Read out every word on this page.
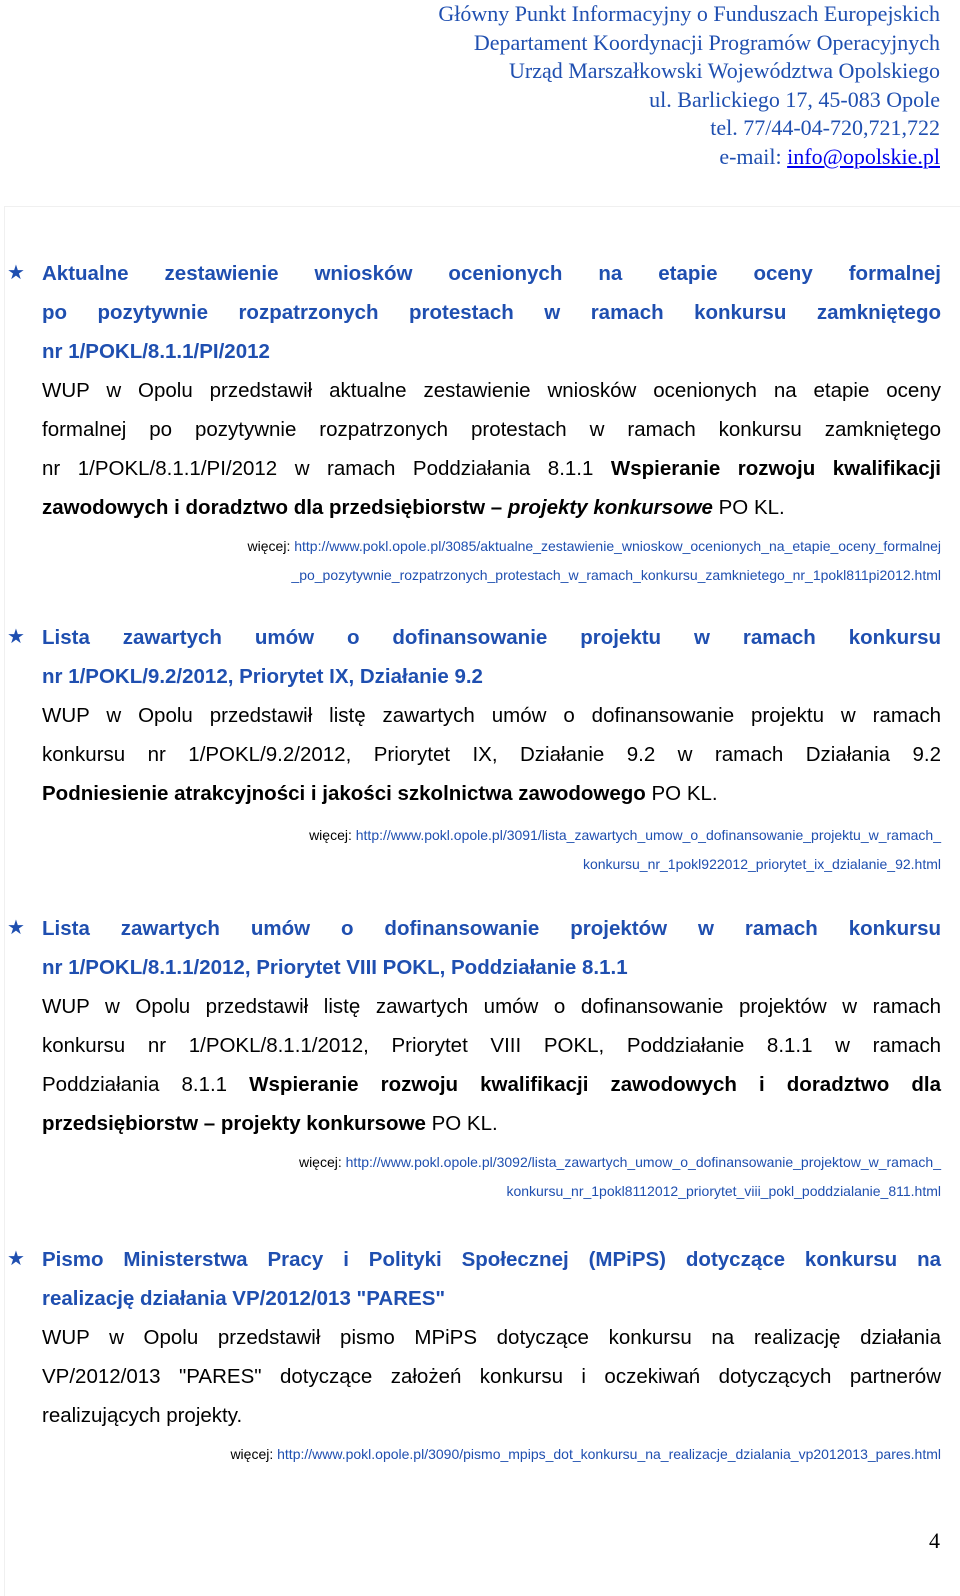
Główny Punkt Informacyjny o Funduszach Europejskich
Departament Koordynacji Programów Operacyjnych
Urząd Marszałkowski Województwa Opolskiego
ul. Barlickiego 17, 45-083 Opole
tel. 77/44-04-720,721,722
e-mail: info@opolskie.pl
★ Aktualne zestawienie wniosków ocenionych na etapie oceny formalnej
po pozytywnie rozpatrzonych protestach w ramach konkursu zamkniętego
nr 1/POKL/8.1.1/PI/2012
WUP w Opolu przedstawił aktualne zestawienie wniosków ocenionych na etapie oceny
formalnej po pozytywnie rozpatrzonych protestach w ramach konkursu zamkniętego
nr 1/POKL/8.1.1/PI/2012 w ramach Poddziałania 8.1.1 Wspieranie rozwoju kwalifikacji
zawodowych i doradztwo dla przedsiębiorstw – projekty konkursowe PO KL.
więcej: http://www.pokl.opole.pl/3085/aktualne_zestawienie_wnioskow_ocenionych_na_etapie_oceny_formalnej
_po_pozytywnie_rozpatrzonych_protestach_w_ramach_konkursu_zamknietego_nr_1pokl811pi2012.html
★ Lista zawartych umów o dofinansowanie projektu w ramach konkursu
nr 1/POKL/9.2/2012, Priorytet IX, Działanie 9.2
WUP w Opolu przedstawił listę zawartych umów o dofinansowanie projektu w ramach
konkursu nr 1/POKL/9.2/2012, Priorytet IX, Działanie 9.2 w ramach Działania 9.2
Podniesienie atrakcyjności i jakości szkolnictwa zawodowego PO KL.
więcej: http://www.pokl.opole.pl/3091/lista_zawartych_umow_o_dofinansowanie_projektu_w_ramach_
konkursu_nr_1pokl922012_priorytet_ix_dzialanie_92.html
★ Lista zawartych umów o dofinansowanie projektów w ramach konkursu
nr 1/POKL/8.1.1/2012, Priorytet VIII POKL, Poddziałanie 8.1.1
WUP w Opolu przedstawił listę zawartych umów o dofinansowanie projektów w ramach
konkursu nr 1/POKL/8.1.1/2012, Priorytet VIII POKL, Poddziałanie 8.1.1 w ramach
Poddziałania 8.1.1 Wspieranie rozwoju kwalifikacji zawodowych i doradztwo dla
przedsiębiorstw – projekty konkursowe PO KL.
więcej: http://www.pokl.opole.pl/3092/lista_zawartych_umow_o_dofinansowanie_projektow_w_ramach_
konkursu_nr_1pokl8112012_priorytet_viii_pokl_poddzialanie_811.html
★ Pismo Ministerstwa Pracy i Polityki Społecznej (MPiPS) dotyczące konkursu na
realizację działania VP/2012/013 "PARES"
WUP w Opolu przedstawił pismo MPiPS dotyczące konkursu na realizację działania
VP/2012/013 "PARES" dotyczące założeń konkursu i oczekiwań dotyczących partnerów
realizujących projekty.
więcej: http://www.pokl.opole.pl/3090/pismo_mpips_dot_konkursu_na_realizacje_dzialania_vp2012013_pares.html
4
